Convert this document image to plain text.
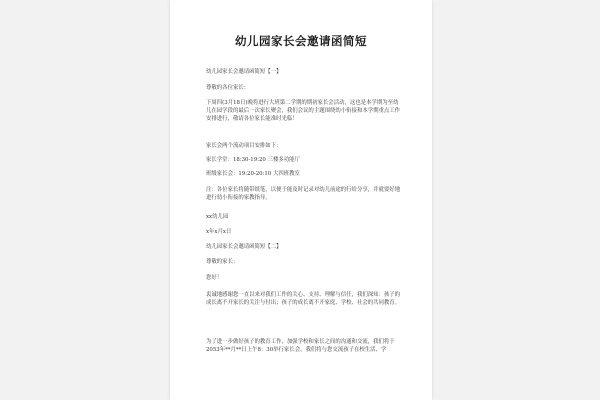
幼儿园家长会邀请函简短
幼儿园家长会邀请函简短【一】
尊敬的各位家长：
下周四(3月18日)晚将进行大班第二学期的期初家长会活动，这也是本学期为至幼儿在园学段的最后一次家长聚会，我们会议的主题围绕幼小衔接和本学期重点工作安排进行，敬请各位家长能准时光临！
家长会两个流动项目安排如下：
家长学堂：18:30-19:20 三楼多功能厅
班级家长会：19:20-20:10 大四班教室
注：各位家长将随带纸笔，以便于能及时记录对幼儿前途的行给分享，并就要好地进行幼小衔接的家教指导。
xx幼儿园
x年x月x日
幼儿园家长会邀请函简短【二】
尊敬的家长：
您好！
衷诚地感谢您一直以来对我们工作的关心、支持、理解与信任，我们深知：孩子的成长离不开家长的关注与付出；孩子的成长离不开家庭、学校、社会的共同教育。
为了进一步做好孩子的教育工作，加强学校和家长之间的沟通和交流，我们将于2053年**月**日上午8：30举行家长会，我们将与您交流孩子在校生活、学
